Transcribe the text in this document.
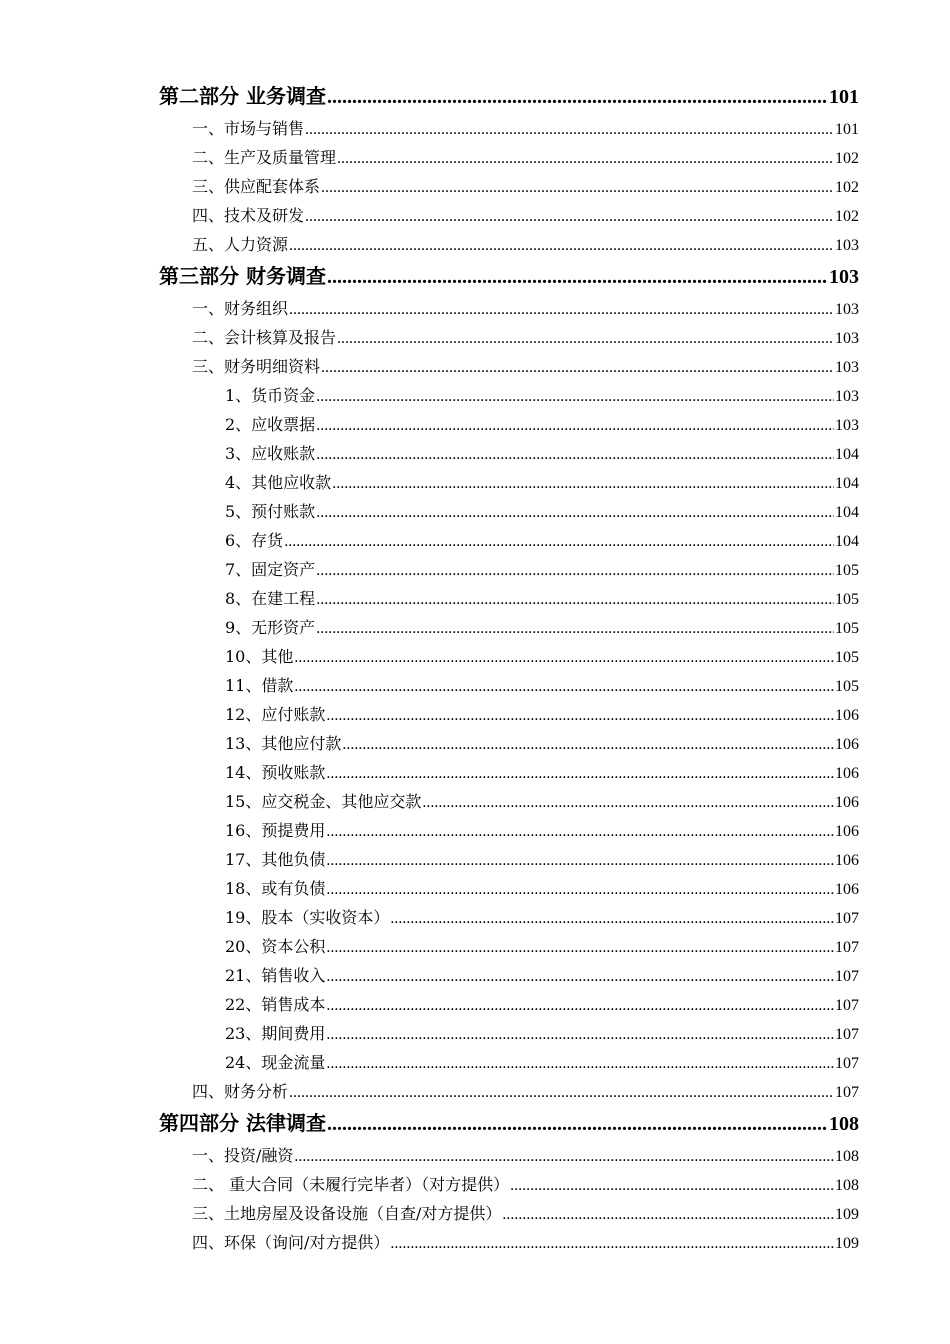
第二部分 业务调查 .....	101
一、市场与销售 .....	101
二、生产及质量管理 .....	102
三、供应配套体系 .....	102
四、技术及研发 .....	102
五、人力资源 .....	103
第三部分 财务调查 .....	103
一、财务组织 .....	103
二、会计核算及报告 .....	103
三、财务明细资料 .....	103
1、货币资金 .....	103
2、应收票据 .....	103
3、应收账款 .....	104
4、其他应收款 .....	104
5、预付账款 .....	104
6、存货 .....	104
7、固定资产 .....	105
8、在建工程 .....	105
9、无形资产 .....	105
10、其他 .....	105
11、借款 .....	105
12、应付账款 .....	106
13、其他应付款 .....	106
14、预收账款 .....	106
15、应交税金、其他应交款 .....	106
16、预提费用 .....	106
17、其他负债 .....	106
18、或有负债 .....	106
19、股本（实收资本） .....	107
20、资本公积 .....	107
21、销售收入 .....	107
22、销售成本 .....	107
23、期间费用 .....	107
24、现金流量 .....	107
四、财务分析 .....	107
第四部分 法律调查 .....	108
一、投资/融资 .....	108
二、 重大合同（未履行完毕者）（对方提供） .....	108
三、土地房屋及设备设施（自查/对方提供） .....	109
四、环保（询问/对方提供） .....	109
